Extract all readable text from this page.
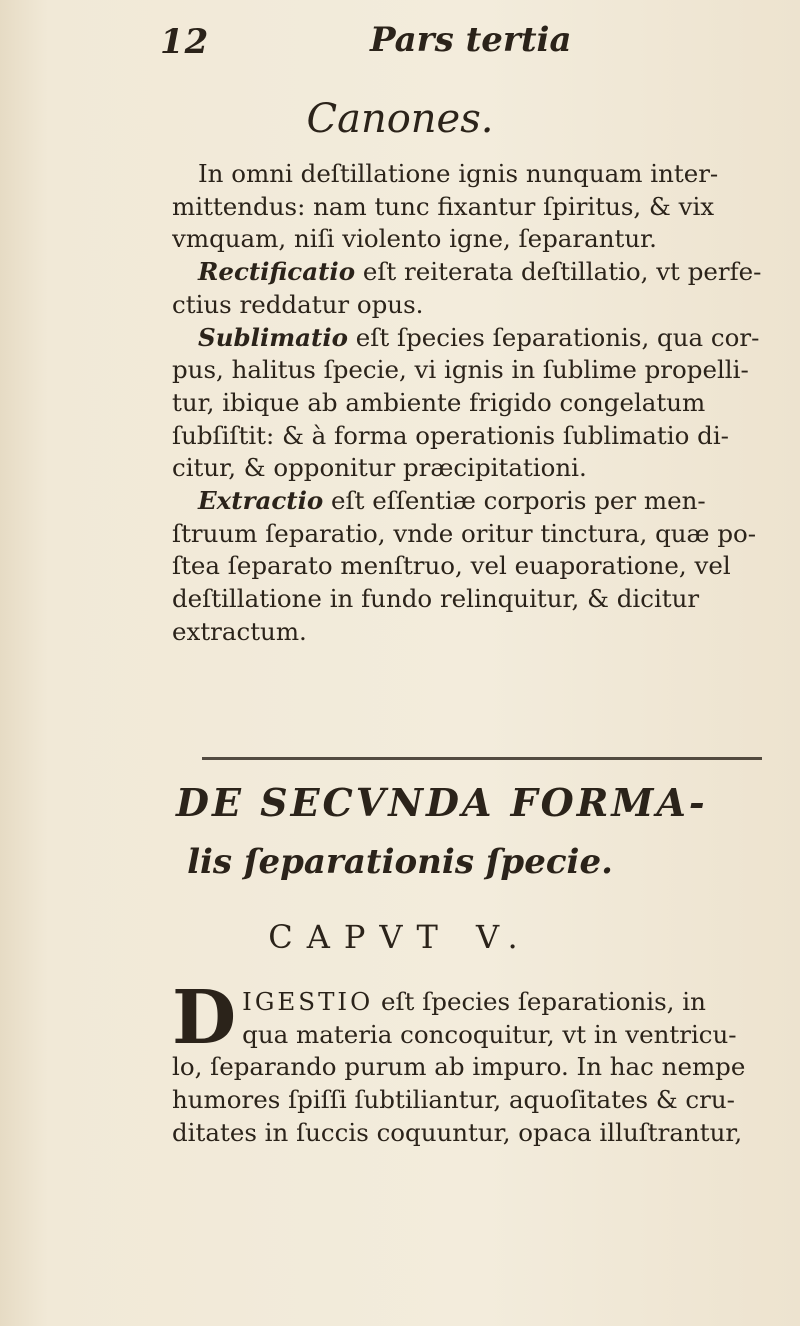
12	Pars tertia
Canones.
In omni deſtillatione ignis nunquam inter-
mittendus: nam tunc fixantur ſpiritus, & vix
vmquam, niſi violento igne, ſeparantur.
Rectificatio eſt reiterata deſtillatio, vt perfe-
ctius reddatur opus.
Sublimatio eſt ſpecies ſeparationis, qua cor-
pus, halitus ſpecie, vi ignis in ſublime propelli-
tur, ibique ab ambiente frigido congelatum
ſubſiſtit: & à forma operationis ſublimatio di-
citur, & opponitur præcipitationi.
Extractio eſt eſſentiæ corporis per men-
ſtruum ſeparatio, vnde oritur tinctura, quæ po-
ſtea ſeparato menſtruo, vel euaporatione, vel
deſtillatione in fundo relinquitur, & dicitur
extractum.
DE SECVNDA FORMA-
lis ſeparationis ſpecie.
CAPVT V.
D IGESTIO eſt ſpecies ſeparationis, in
qua materia concoquitur, vt in ventricu-
lo, ſeparando purum ab impuro. In hac nempe
humores ſpiſſi ſubtiliantur, aquoſitates & cru-
ditates in ſuccis coquuntur, opaca illuſtrantur,
